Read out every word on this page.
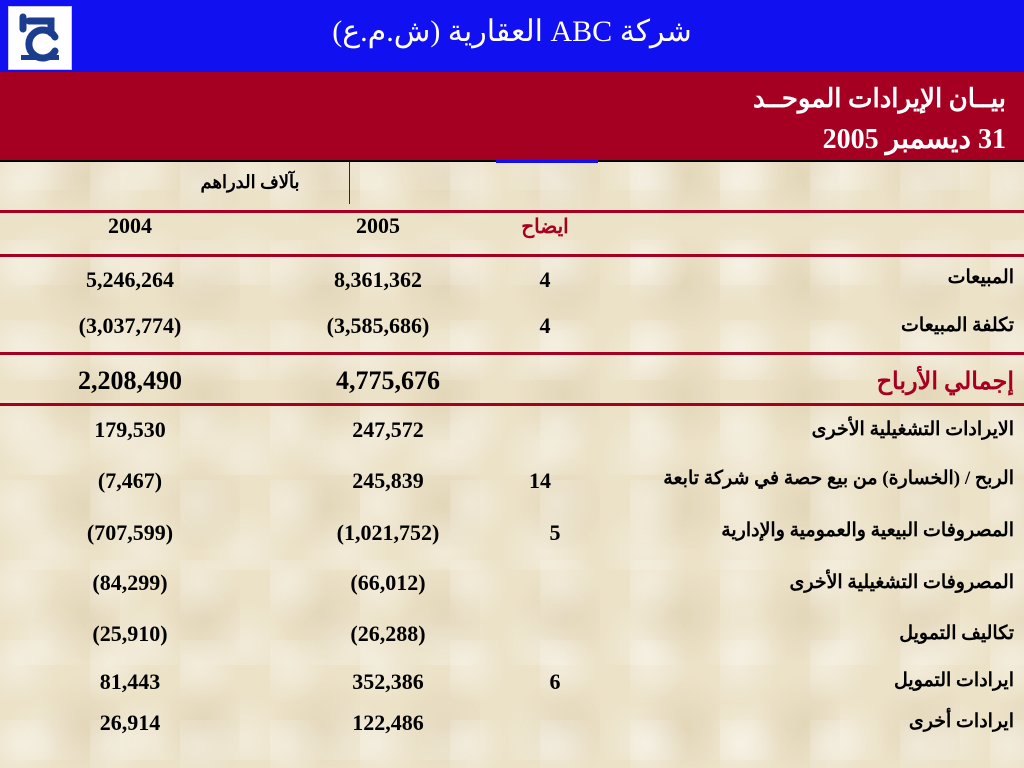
شركة ABC العقارية (ش.م.ع)
بيــان الإيرادات الموحــد
31 ديسمبر 2005
بآلاف الدراهم
ايضاح
2005
2004
المبيعات
4
8,361,362
5,246,264
تكلفة المبيعات
4
(3,585,686)
(3,037,774)
إجمالي الأرباح
4,775,676
2,208,490
الايرادات التشغيلية الأخرى
247,572
179,530
الربح / (الخسارة) من بيع حصة في شركة تابعة
14
245,839
(7,467)
المصروفات البيعية والعمومية والإدارية
5
(1,021,752)
(707,599)
المصروفات التشغيلية الأخرى
(66,012)
(84,299)
تكاليف التمويل
(26,288)
(25,910)
ايرادات التمويل
6
352,386
81,443
ايرادات أخرى
122,486
26,914
